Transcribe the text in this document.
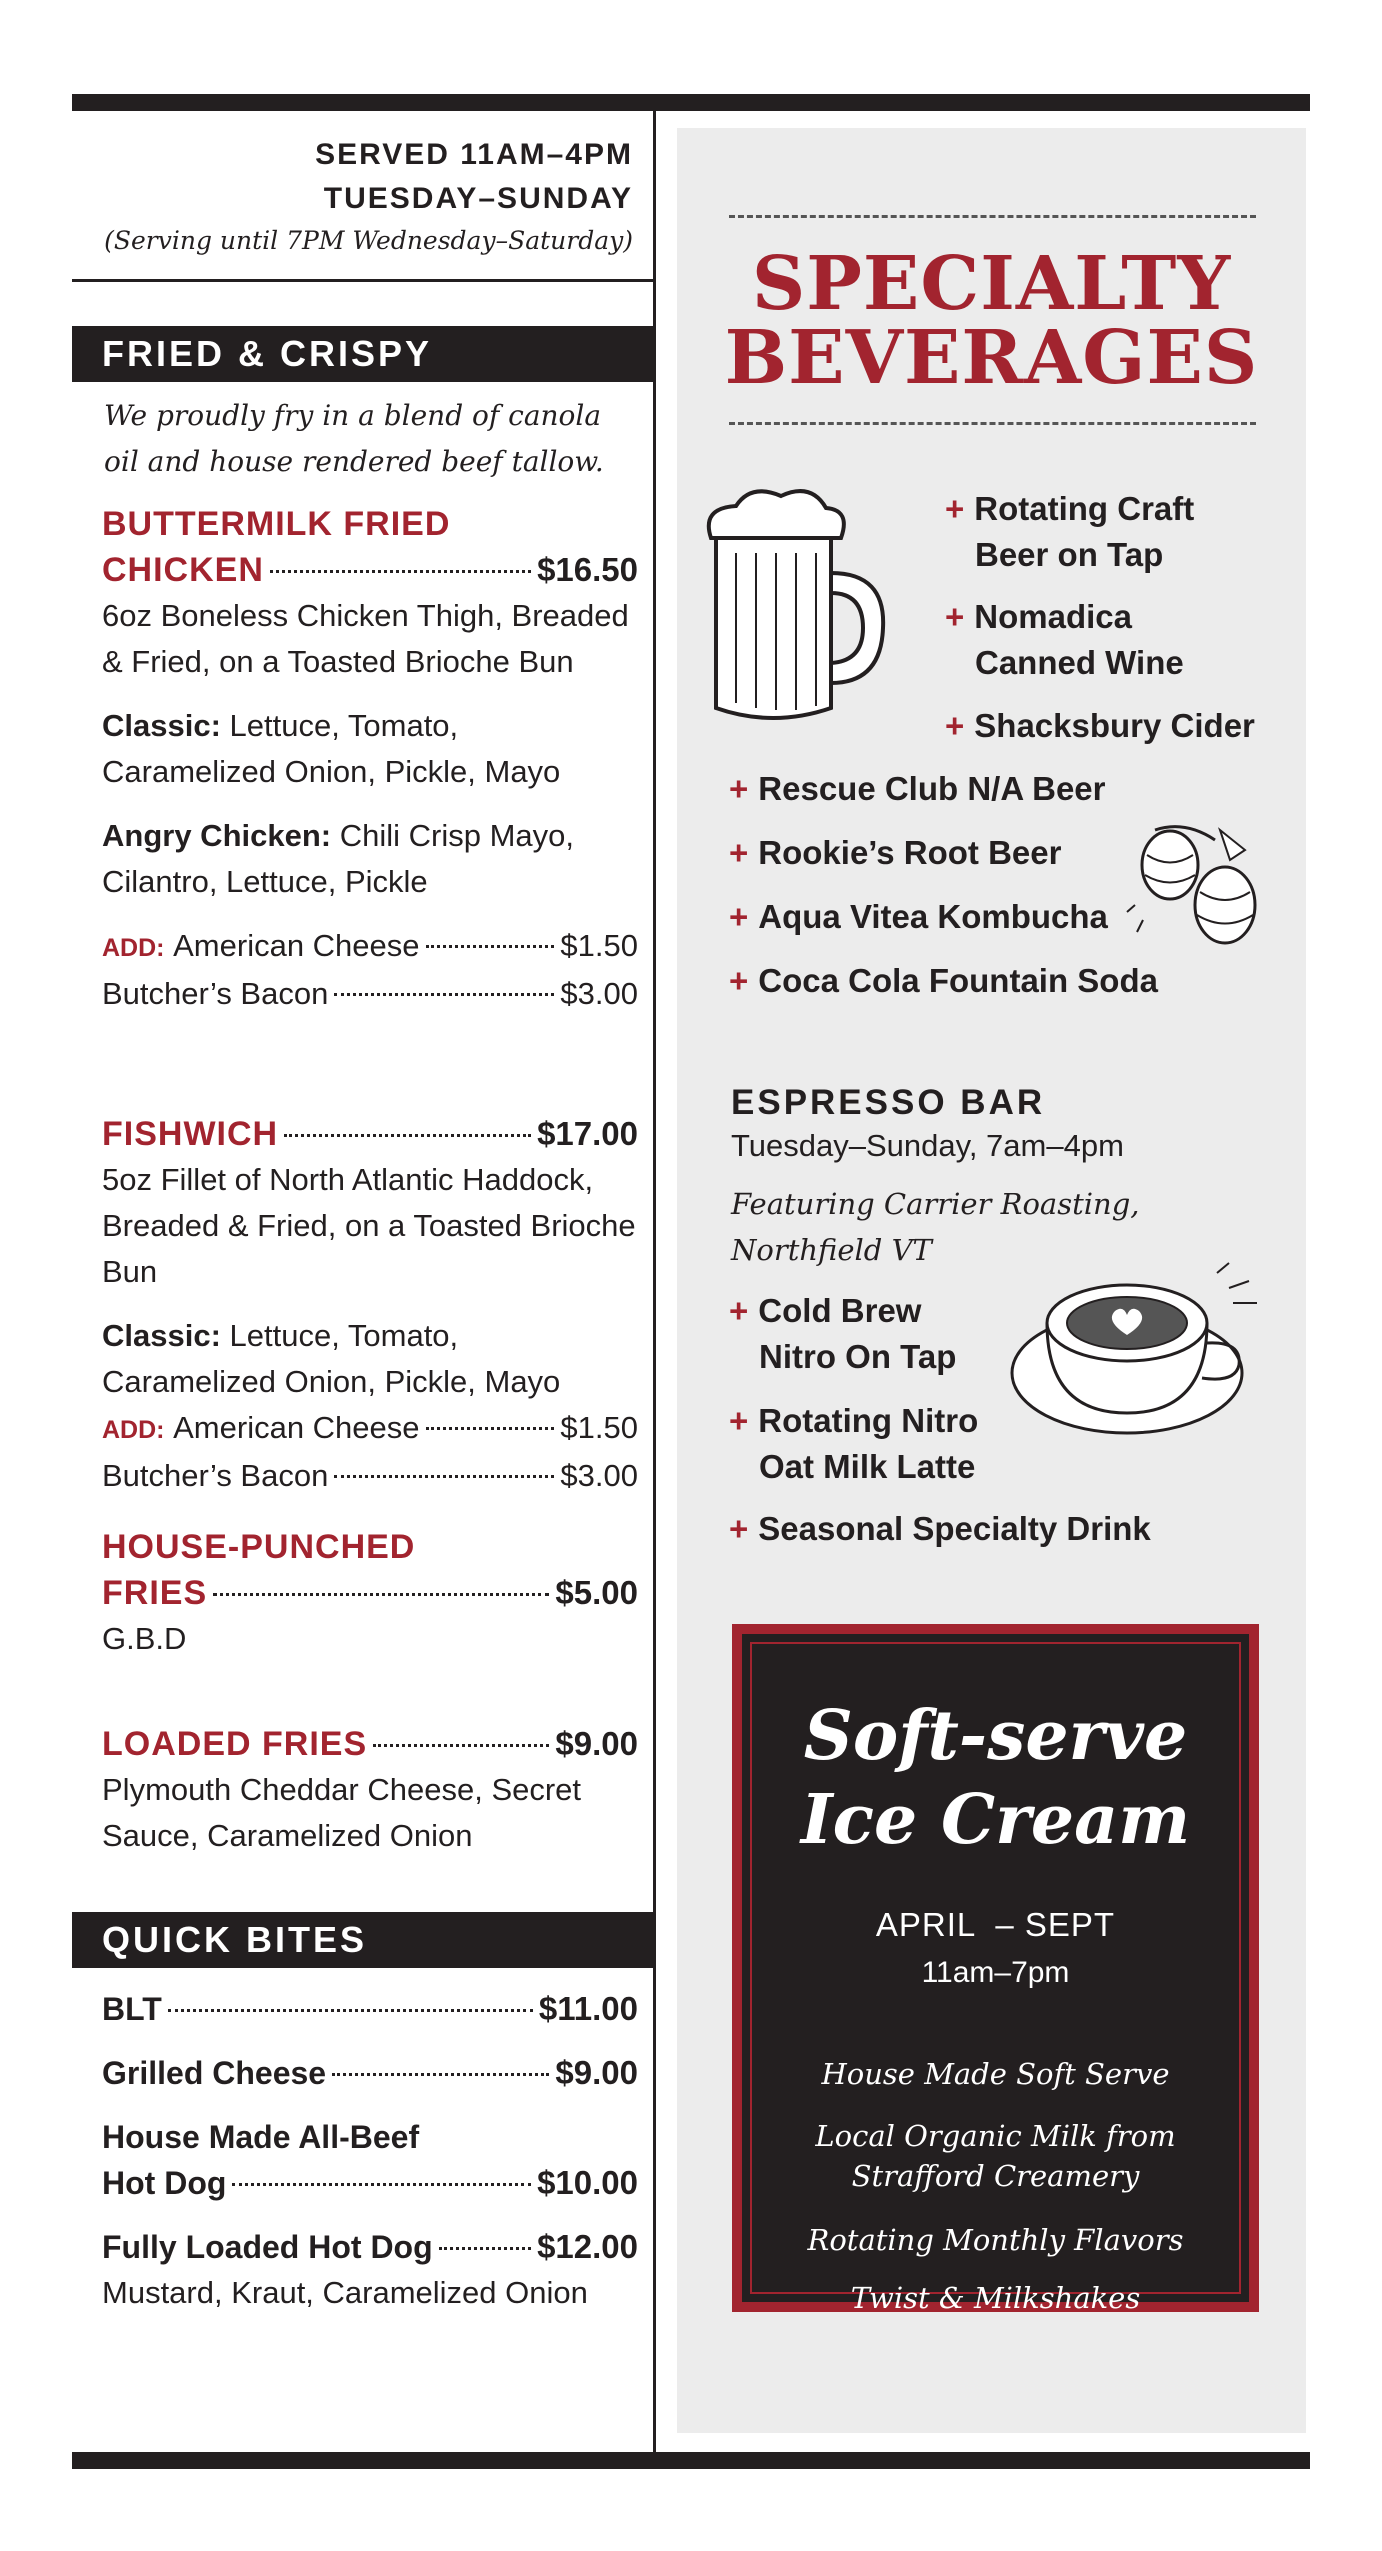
SERVED 11AM–4PM
TUESDAY–SUNDAY
(Serving until 7PM Wednesday–Saturday)
FRIED & CRISPY
We proudly fry in a blend of canola oil and house rendered beef tallow.
BUTTERMILK FRIED
CHICKEN	$16.50
6oz Boneless Chicken Thigh, Breaded & Fried, on a Toasted Brioche Bun
Classic: Lettuce, Tomato, Caramelized Onion, Pickle, Mayo
Angry Chicken: Chili Crisp Mayo, Cilantro, Lettuce, Pickle
ADD:
American Cheese	$1.50
Butcher’s Bacon	$3.00
FISHWICH	$17.00
5oz Fillet of North Atlantic Haddock, Breaded & Fried, on a Toasted Brioche Bun
Classic: Lettuce, Tomato, Caramelized Onion, Pickle, Mayo
ADD:
American Cheese	$1.50
Butcher’s Bacon	$3.00
HOUSE-PUNCHED
FRIES	$5.00
G.B.D
LOADED FRIES	$9.00
Plymouth Cheddar Cheese, Secret Sauce, Caramelized Onion
QUICK BITES
BLT	$11.00
Grilled Cheese	$9.00
House Made All-Beef
Hot Dog	$10.00
Fully Loaded Hot Dog	$12.00
Mustard, Kraut, Caramelized Onion
SPECIALTY
BEVERAGES
+ Rotating Craft
Beer on Tap
+ Nomadica
Canned Wine
+ Shacksbury Cider
+ Rescue Club N/A Beer
+ Rookie’s Root Beer
+ Aqua Vitea Kombucha
+ Coca Cola Fountain Soda
ESPRESSO BAR
Tuesday–Sunday, 7am–4pm
Featuring Carrier Roasting,
Northfield VT
+ Cold Brew
Nitro On Tap
+ Rotating Nitro
Oat Milk Latte
+ Seasonal Specialty Drink
Soft-serve
Ice Cream
APRIL  – SEPT
11am–7pm
House Made Soft Serve
Local Organic Milk from
Strafford Creamery
Rotating Monthly Flavors
Twist & Milkshakes
